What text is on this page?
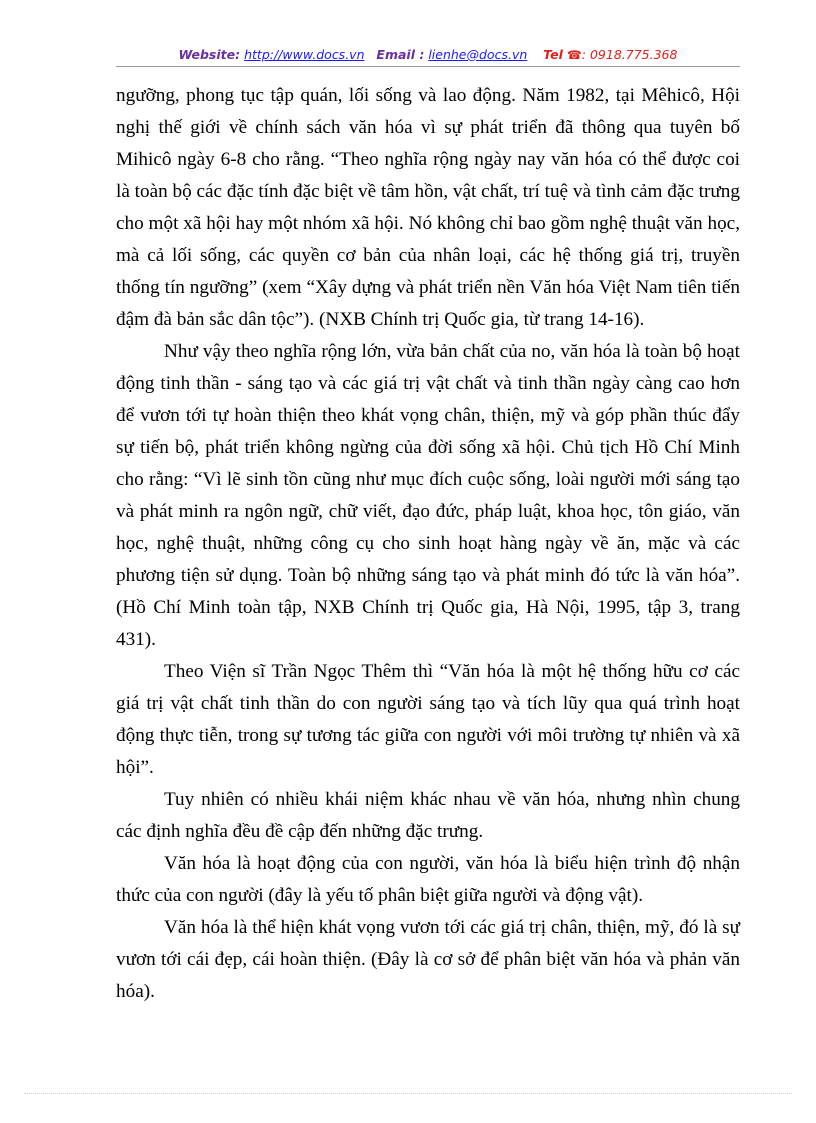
Website: http://www.docs.vn Email : lienhe@docs.vn Tel ☎: 0918.775.368

ngưỡng, phong tục tập quán, lối sống và lao động. Năm 1982, tại Mêhicô, Hội nghị thế giới về chính sách văn hóa vì sự phát triển đã thông qua tuyên bố Mihicô ngày 6-8 cho rằng. “Theo nghĩa rộng ngày nay văn hóa có thể được coi là toàn bộ các đặc tính đặc biệt về tâm hồn, vật chất, trí tuệ và tình cảm đặc trưng cho một xã hội hay một nhóm xã hội. Nó không chỉ bao gồm nghệ thuật văn học, mà cả lối sống, các quyền cơ bản của nhân loại, các hệ thống giá trị, truyền thống tín ngưỡng” (xem “Xây dựng và phát triển nền Văn hóa Việt Nam tiên tiến đậm đà bản sắc dân tộc”). (NXB Chính trị Quốc gia, từ trang 14-16).

Như vậy theo nghĩa rộng lớn, vừa bản chất của no, văn hóa là toàn bộ hoạt động tinh thần - sáng tạo và các giá trị vật chất và tinh thần ngày càng cao hơn để vươn tới tự hoàn thiện theo khát vọng chân, thiện, mỹ và góp phần thúc đẩy sự tiến bộ, phát triển không ngừng của đời sống xã hội. Chủ tịch Hồ Chí Minh cho rằng: “Vì lẽ sinh tồn cũng như mục đích cuộc sống, loài người mới sáng tạo và phát minh ra ngôn ngữ, chữ viết, đạo đức, pháp luật, khoa học, tôn giáo, văn học, nghệ thuật, những công cụ cho sinh hoạt hàng ngày về ăn, mặc và các phương tiện sử dụng. Toàn bộ những sáng tạo và phát minh đó tức là văn hóa”. (Hồ Chí Minh toàn tập, NXB Chính trị Quốc gia, Hà Nội, 1995, tập 3, trang 431).

Theo Viện sĩ Trần Ngọc Thêm thì “Văn hóa là một hệ thống hữu cơ các giá trị vật chất tinh thần do con người sáng tạo và tích lũy qua quá trình hoạt động thực tiễn, trong sự tương tác giữa con người với môi trường tự nhiên và xã hội”.

Tuy nhiên có nhiều khái niệm khác nhau về văn hóa, nhưng nhìn chung các định nghĩa đều đề cập đến những đặc trưng.

Văn hóa là hoạt động của con người, văn hóa là biểu hiện trình độ nhận thức của con người (đây là yếu tố phân biệt giữa người và động vật).

Văn hóa là thể hiện khát vọng vươn tới các giá trị chân, thiện, mỹ, đó là sự vươn tới cái đẹp, cái hoàn thiện. (Đây là cơ sở để phân biệt văn hóa và phản văn hóa).
